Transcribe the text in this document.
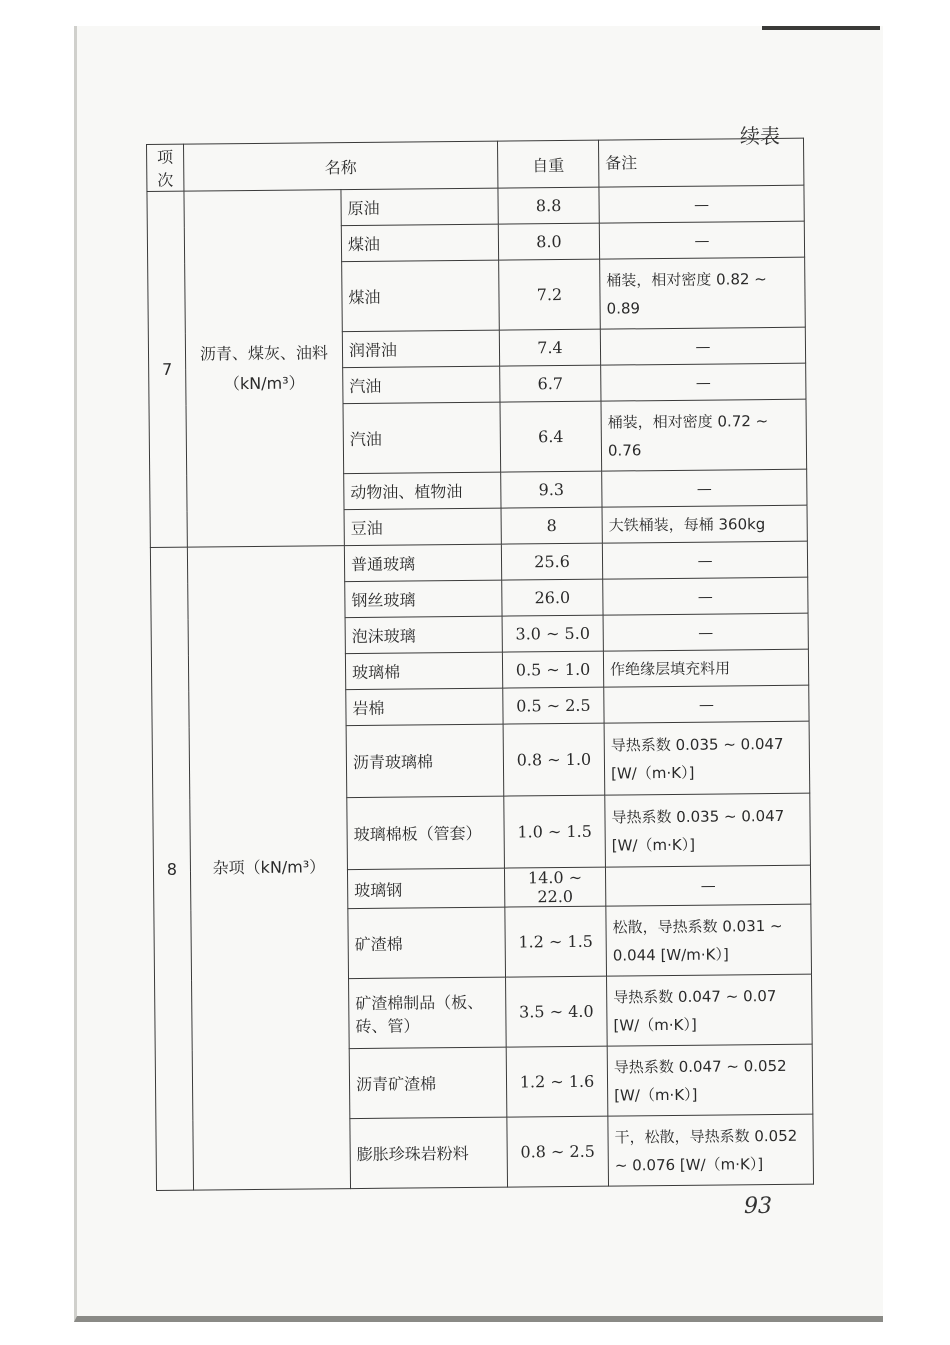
续表
项次	名称		自重	备注
7	沥青、煤灰、油料（kN/m³）	原油	8.8	—
		煤油	8.0	—
		煤油	7.2	桶装，相对密度 0.82 ~ 0.89
		润滑油	7.4	—
		汽油	6.7	—
		汽油	6.4	桶装，相对密度 0.72 ~ 0.76
		动物油、植物油	9.3	—
		豆油	8	大铁桶装，每桶 360kg
8	杂项（kN/m³）	普通玻璃	25.6	—
		钢丝玻璃	26.0	—
		泡沫玻璃	3.0 ~ 5.0	—
		玻璃棉	0.5 ~ 1.0	作绝缘层填充料用
		岩棉	0.5 ~ 2.5	—
		沥青玻璃棉	0.8 ~ 1.0	导热系数 0.035 ~ 0.047 [W/（m·K）]
		玻璃棉板（管套）	1.0 ~ 1.5	导热系数 0.035 ~ 0.047 [W/（m·K）]
		玻璃钢	14.0 ~ 22.0	—
		矿渣棉	1.2 ~ 1.5	松散，导热系数 0.031 ~ 0.044 [W/m·K）]
		矿渣棉制品（板、砖、管）	3.5 ~ 4.0	导热系数 0.047 ~ 0.07 [W/（m·K）]
		沥青矿渣棉	1.2 ~ 1.6	导热系数 0.047 ~ 0.052 [W/（m·K）]
		膨胀珍珠岩粉料	0.8 ~ 2.5	干，松散，导热系数 0.052 ~ 0.076 [W/（m·K）]
93
